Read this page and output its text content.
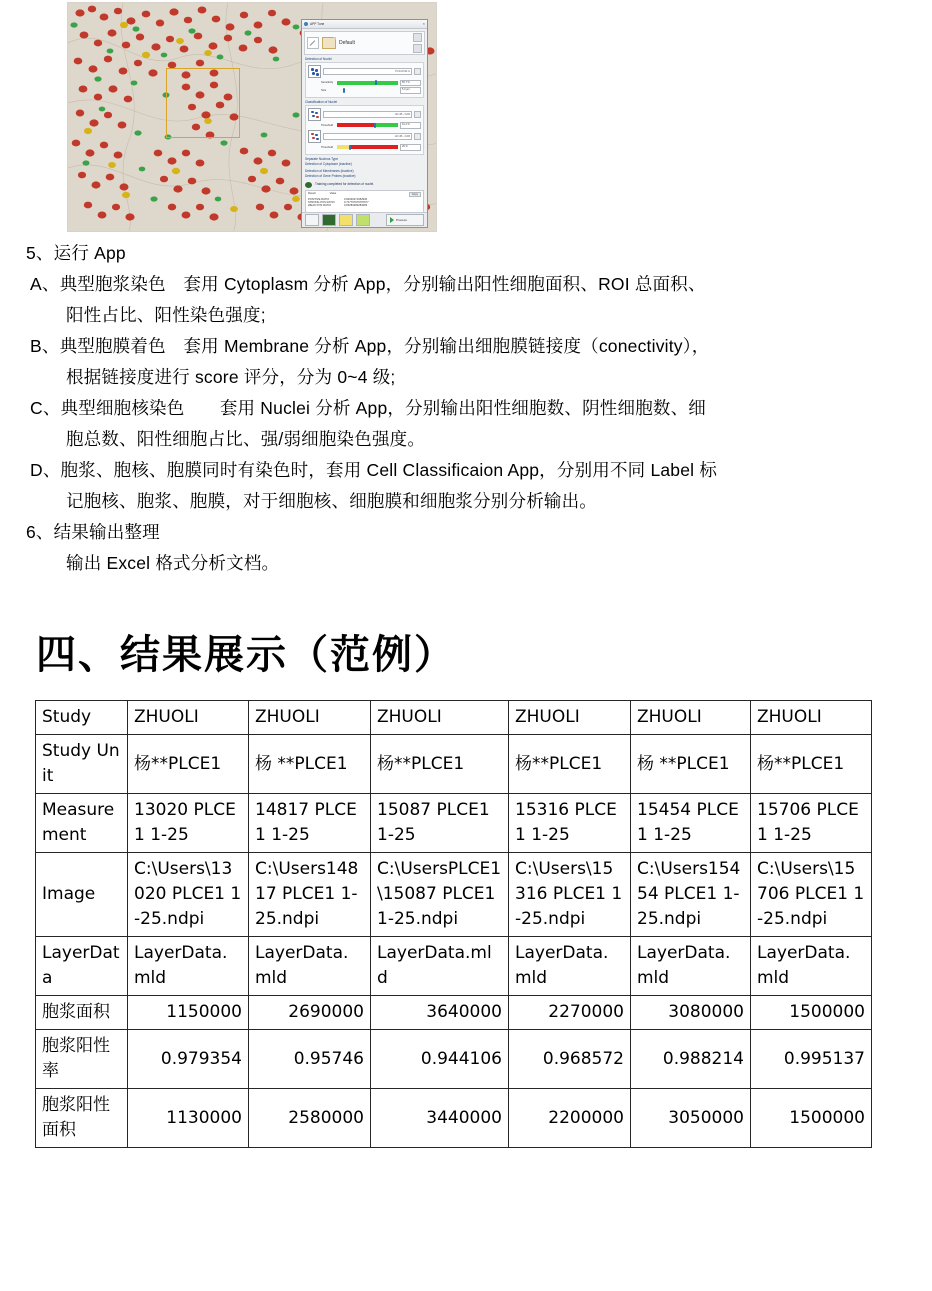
APP Tune	×
Default
Detection of Nuclei
PCD-RGB-G
Sensitivity	55.7 %
Size	5.3 µm
Classification of Nuclei
HD dB - DAB
Threshold	61.4 %
HD dB - DAB
Threshold	29 %
Separate Nucleus Type
Detection of Cytoplasm (inactive)
Detection of Membranes (inactive)
Detection of Gene Probes (inactive)
Training completed for detection of nuclei.
Result	Value	Copy
POSITIVE RATIO	0.82630271952936
STRONG POS RATIO	0.747767676767677
WEAK POS RATIO	0.83283283283283
Process
5、运行 App
A、典型胞浆染色　套用 Cytoplasm 分析 App，分别输出阳性细胞面积、ROI 总面积、
阳性占比、阳性染色强度;
B、典型胞膜着色　套用 Membrane 分析 App，分别输出细胞膜链接度（conectivity），
根据链接度进行 score 评分，分为 0~4 级;
C、典型细胞核染色　　套用 Nuclei 分析 App，分别输出阳性细胞数、阴性细胞数、细
胞总数、阳性细胞占比、强/弱细胞染色强度。
D、胞浆、胞核、胞膜同时有染色时，套用 Cell Classificaion App，分别用不同 Label 标
记胞核、胞浆、胞膜，对于细胞核、细胞膜和细胞浆分别分析输出。
6、结果输出整理
输出 Excel 格式分析文档。
四、结果展示（范例）
Study	ZHUOLI	ZHUOLI	ZHUOLI	ZHUOLI	ZHUOLI	ZHUOLI
Study Unit	杨**PLCE1	杨 **PLCE1	杨**PLCE1	杨**PLCE1	杨 **PLCE1	杨**PLCE1
Measurement	13020 PLCE1 1-25	14817 PLCE1 1-25	15087 PLCE1 1-25	15316 PLCE1 1-25	15454 PLCE1 1-25	15706 PLCE1 1-25
Image	C:\Users\13020 PLCE1 1-25.ndpi	C:\Users14817 PLCE1 1-25.ndpi	C:\UsersPLCE1\15087 PLCE1 1-25.ndpi	C:\Users\15316 PLCE1 1-25.ndpi	C:\Users15454 PLCE1 1-25.ndpi	C:\Users\15706 PLCE1 1-25.ndpi
LayerData	LayerData.mld	LayerData.mld	LayerData.mld	LayerData.mld	LayerData.mld	LayerData.mld
胞浆面积	1150000	2690000	3640000	2270000	3080000	1500000
胞浆阳性率	0.979354	0.95746	0.944106	0.968572	0.988214	0.995137
胞浆阳性面积	1130000	2580000	3440000	2200000	3050000	1500000
